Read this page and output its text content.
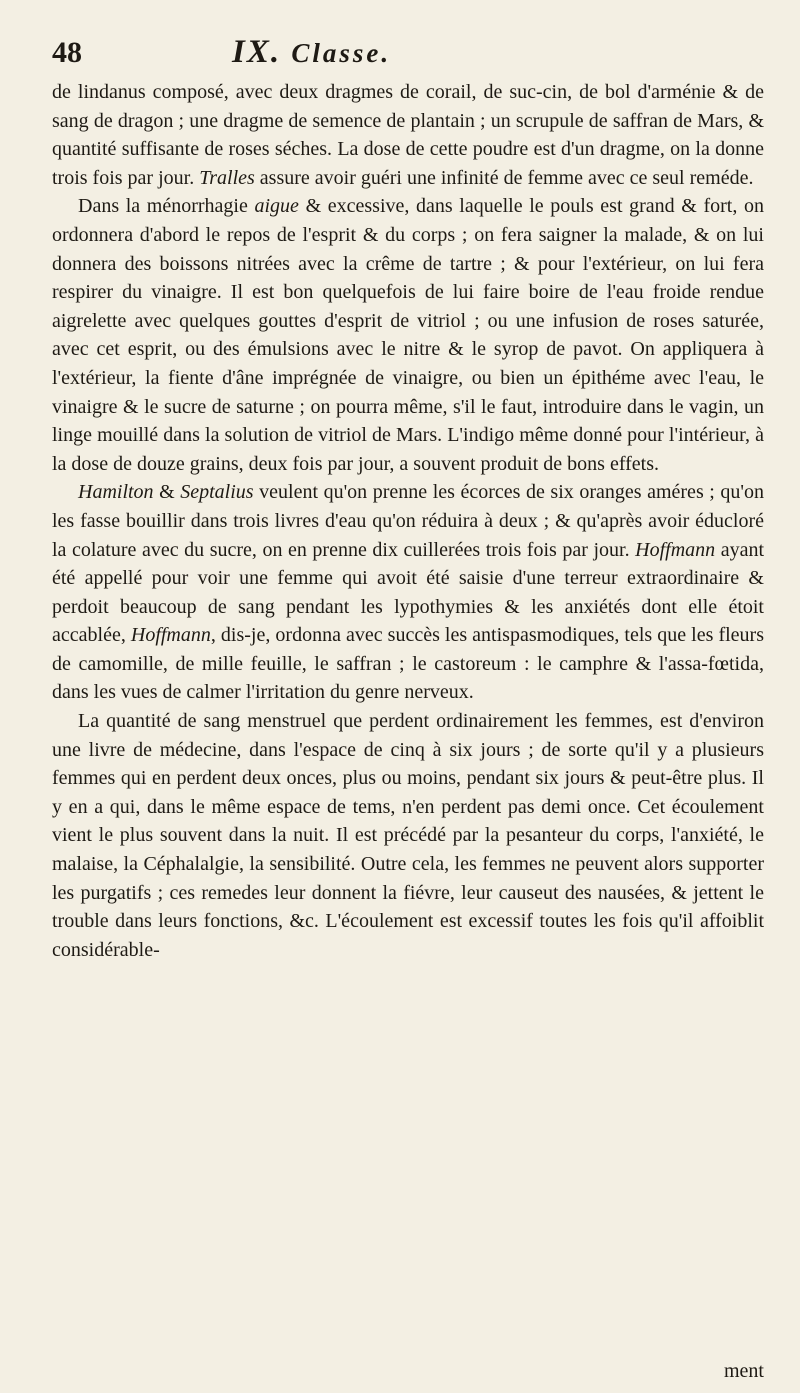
48	IX. Classe.

de lindanus composé, avec deux dragmes de corail, de suc-cin, de bol d'arménie & de sang de dragon ; une dragme de semence de plantain ; un scrupule de saffran de Mars, & quantité suffisante de roses séches. La dose de cette poudre est d'un dragme, on la donne trois fois par jour. Tralles assure avoir guéri une infinité de femme avec ce seul reméde.

Dans la ménorrhagie aigue & excessive, dans laquelle le pouls est grand & fort, on ordonnera d'abord le repos de l'esprit & du corps ; on fera saigner la malade, & on lui donnera des boissons nitrées avec la crême de tartre ; & pour l'extérieur, on lui fera respirer du vinaigre. Il est bon quelquefois de lui faire boire de l'eau froide rendue aigrelette avec quelques gouttes d'esprit de vitriol ; ou une infusion de roses saturée, avec cet esprit, ou des émulsions avec le nitre & le syrop de pavot. On appliquera à l'extérieur, la fiente d'âne imprégnée de vinaigre, ou bien un épithéme avec l'eau, le vinaigre & le sucre de saturne ; on pourra même, s'il le faut, introduire dans le vagin, un linge mouillé dans la solution de vitriol de Mars. L'indigo même donné pour l'intérieur, à la dose de douze grains, deux fois par jour, a souvent produit de bons effets.

Hamilton & Septalius veulent qu'on prenne les écorces de six oranges améres ; qu'on les fasse bouillir dans trois livres d'eau qu'on réduira à deux ; & qu'après avoir éducloré la colature avec du sucre, on en prenne dix cuillerées trois fois par jour. Hoffmann ayant été appellé pour voir une femme qui avoit été saisie d'une terreur extraordinaire & perdoit beaucoup de sang pendant les lypothymies & les anxiétés dont elle étoit accablée, Hoffmann, dis-je, ordonna avec succès les antispasmodiques, tels que les fleurs de camomille, de mille feuille, le saffran ; le castoreum : le camphre & l'assa-fœtida, dans les vues de calmer l'irritation du genre nerveux.

La quantité de sang menstruel que perdent ordinairement les femmes, est d'environ une livre de médecine, dans l'espace de cinq à six jours ; de sorte qu'il y a plusieurs femmes qui en perdent deux onces, plus ou moins, pendant six jours & peut-être plus. Il y en a qui, dans le même espace de tems, n'en perdent pas demi once. Cet écoulement vient le plus souvent dans la nuit. Il est précédé par la pesanteur du corps, l'anxiété, le malaise, la Céphalalgie, la sensibilité. Outre cela, les femmes ne peuvent alors supporter les purgatifs ; ces remedes leur donnent la fiévre, leur causeut des nausées, & jettent le trouble dans leurs fonctions, &c. L'écoulement est excessif toutes les fois qu'il affoiblit considérable-

ment
